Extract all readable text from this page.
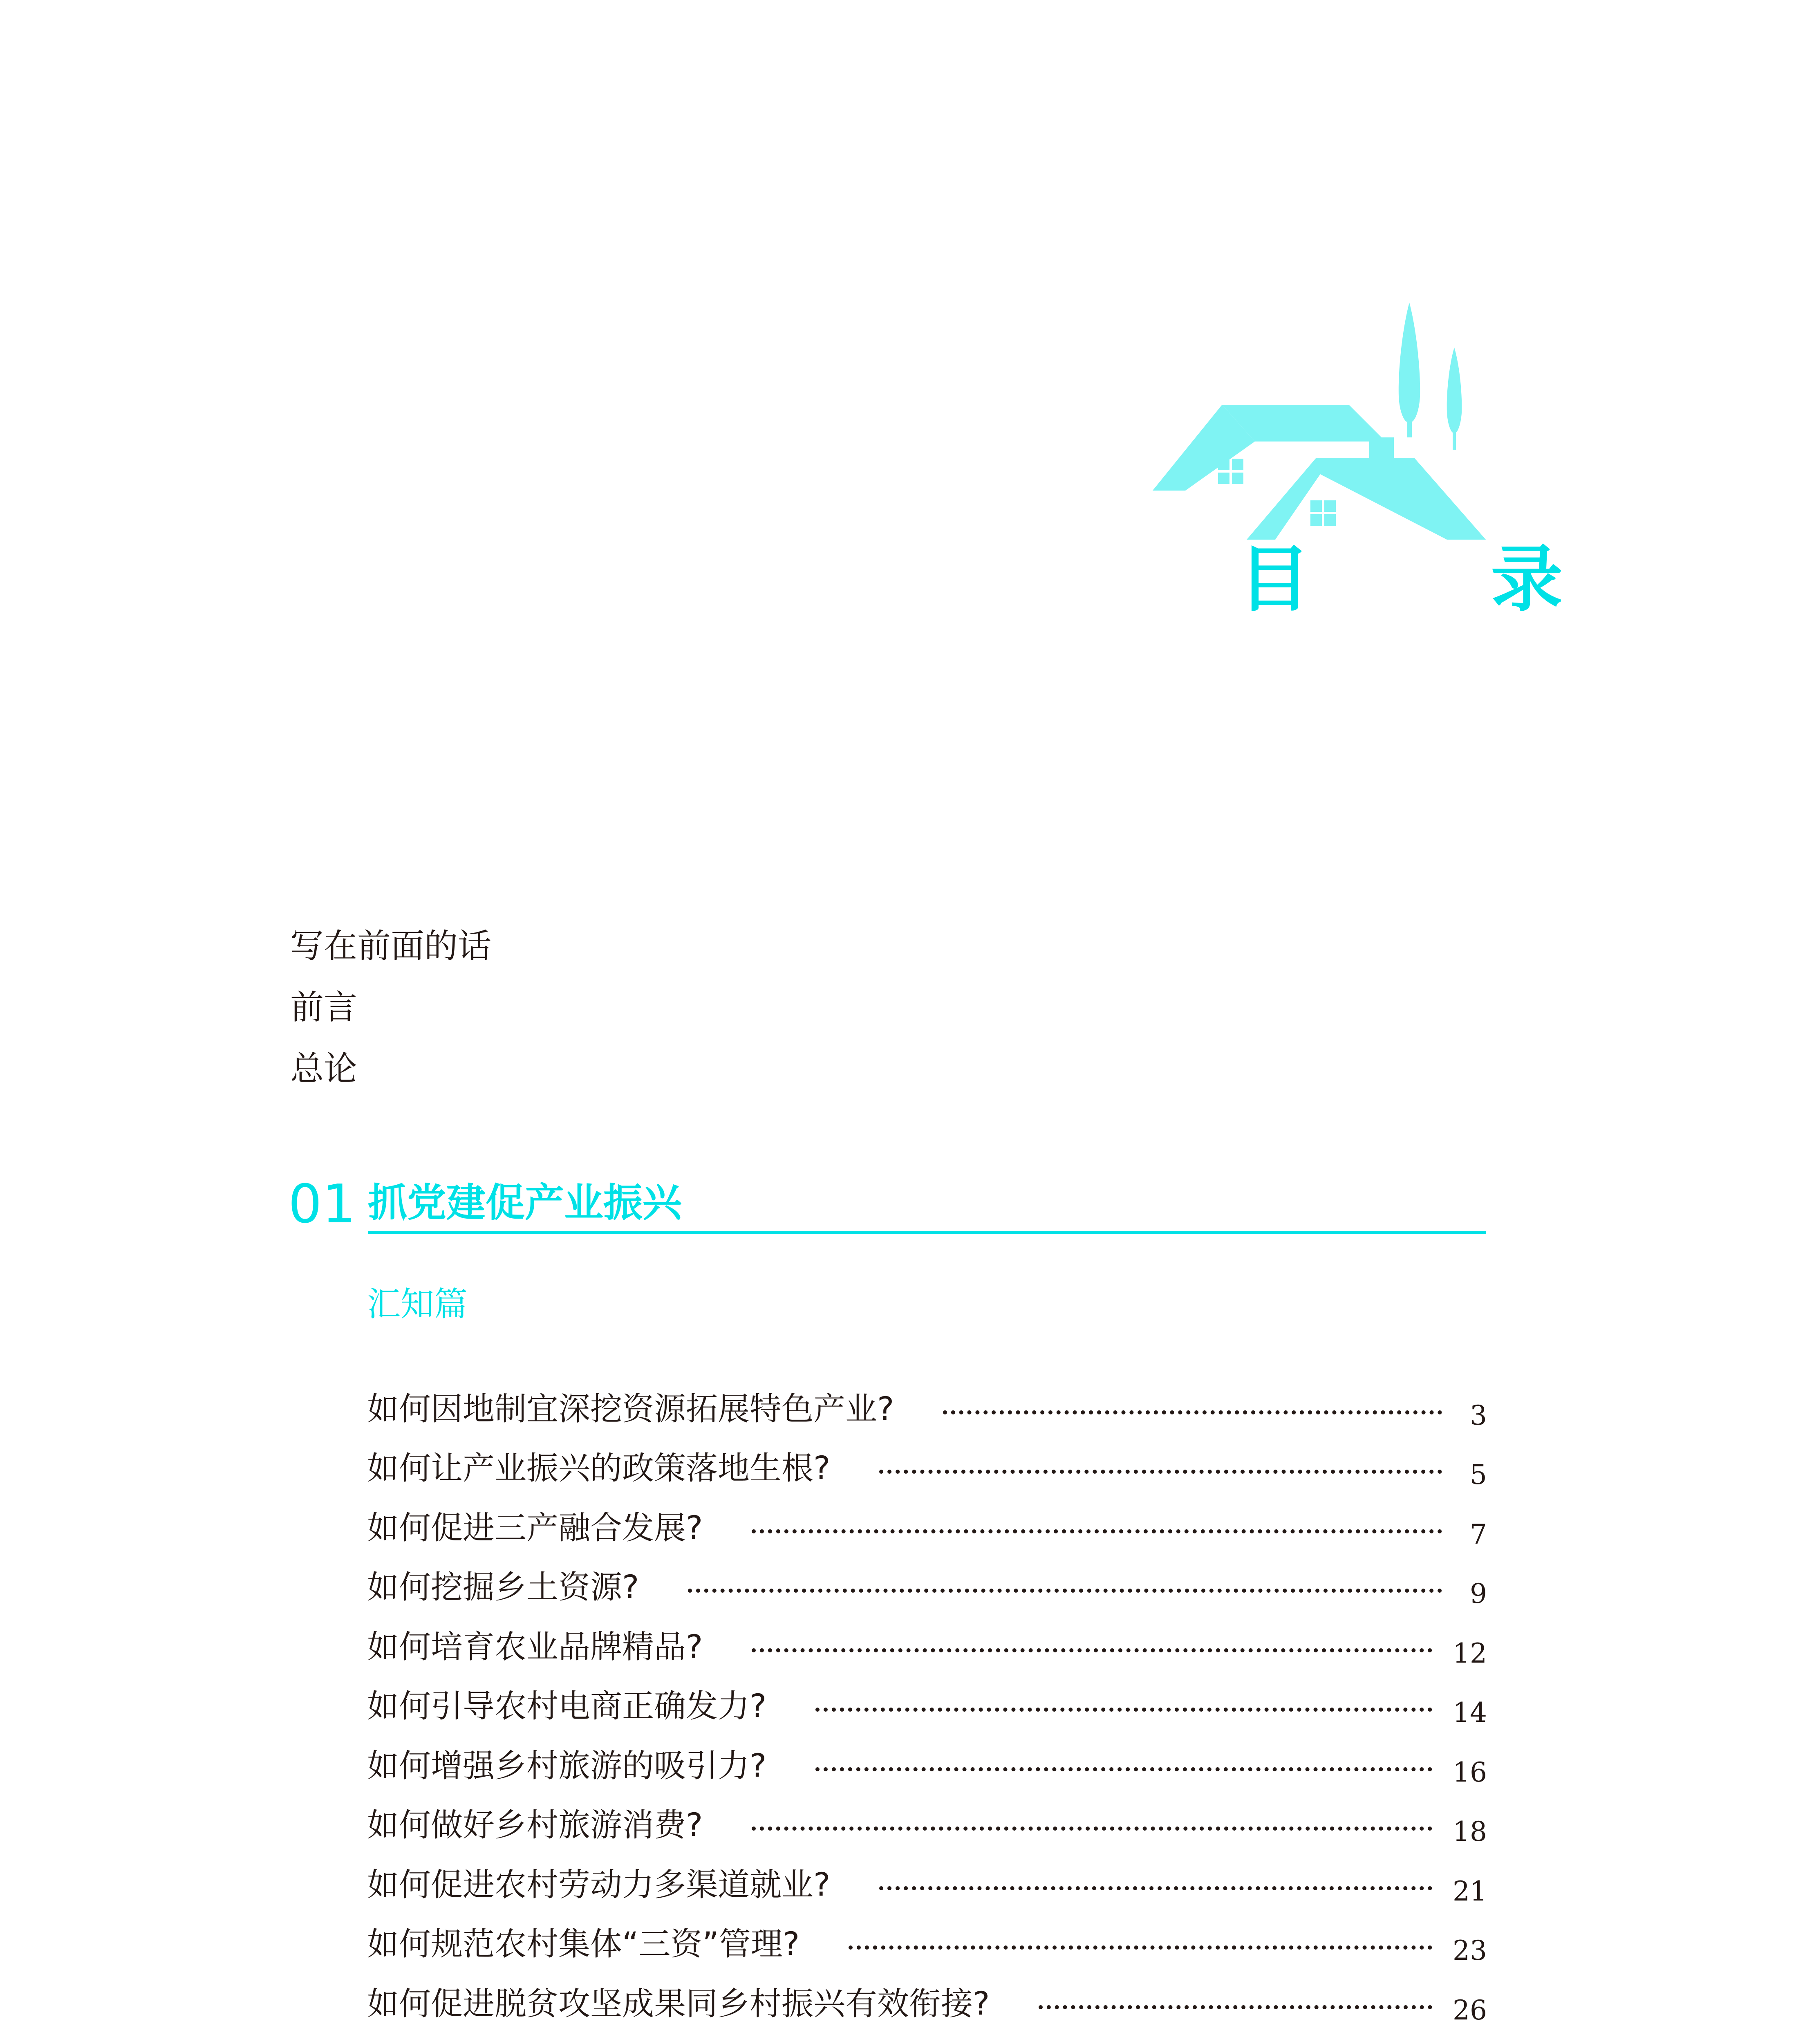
目 录
写在前面的话
前言
总论
01 抓党建促产业振兴
汇知篇
如何因地制宜深挖资源拓展特色产业?	3
如何让产业振兴的政策落地生根?	5
如何促进三产融合发展?	7
如何挖掘乡土资源?	9
如何培育农业品牌精品?	12
如何引导农村电商正确发力?	14
如何增强乡村旅游的吸引力?	16
如何做好乡村旅游消费?	18
如何促进农村劳动力多渠道就业?	21
如何规范农村集体“三资”管理?	23
如何促进脱贫攻坚成果同乡村振兴有效衔接?	26
